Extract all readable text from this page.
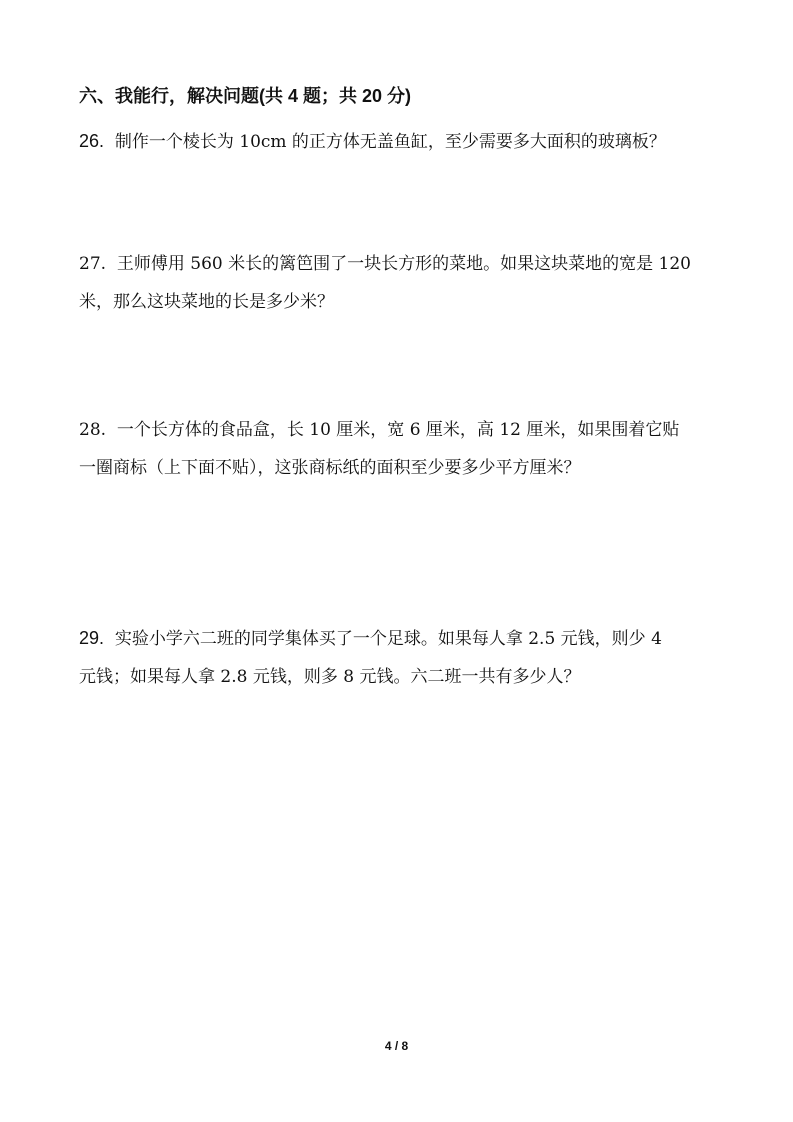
六、我能行，解决问题(共 4 题；共 20 分)
26. 制作一个棱长为 10cm 的正方体无盖鱼缸，至少需要多大面积的玻璃板？
27. 王师傅用 560 米长的篱笆围了一块长方形的菜地。如果这块菜地的宽是 120
米，那么这块菜地的长是多少米？
28. 一个长方体的食品盒，长 10 厘米，宽 6 厘米，高 12 厘米，如果围着它贴
一圈商标（上下面不贴），这张商标纸的面积至少要多少平方厘米？
29. 实验小学六二班的同学集体买了一个足球。如果每人拿 2.5 元钱，则少 4
元钱；如果每人拿 2.8 元钱，则多 8 元钱。六二班一共有多少人？
4 / 8
